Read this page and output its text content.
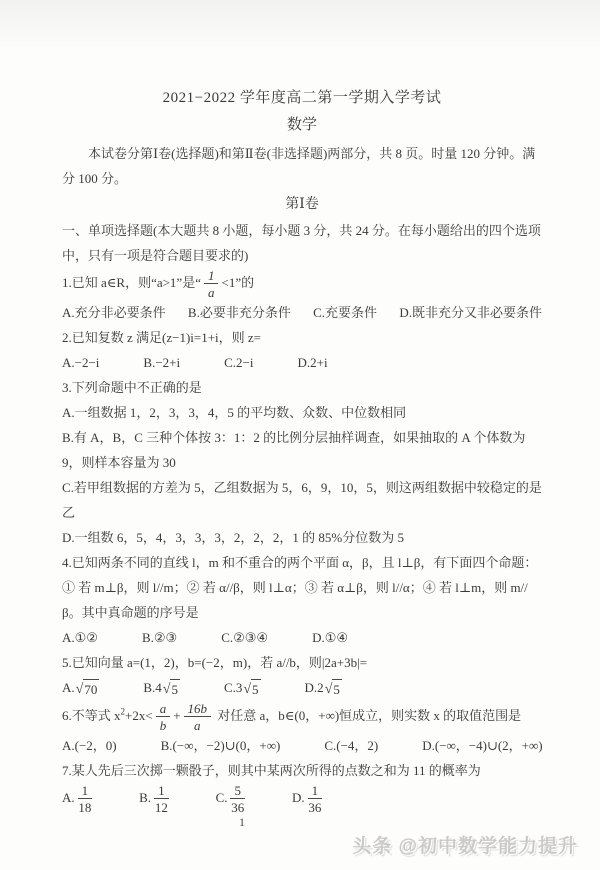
2021−2022 学年度高二第一学期入学考试
数学

本试卷分第Ⅰ卷(选择题)和第Ⅱ卷(非选择题)两部分，共 8 页。时量 120 分钟。满分 100 分。

第Ⅰ卷

一、单项选择题(本大题共 8 小题，每小题 3 分，共 24 分。在每小题给出的四个选项中，只有一项是符合题目要求的)

1.已知 a∈R，则“a>1”是“ $\frac{1}{a} <1$”的
A.充分非必要条件 B.必要非充分条件 C.充要条件 D.既非充分又非必要条件
2.已知复数 z 满足(z−1)i=1+i，则 z=
A.−2−i	B.−2+i	C.2−i	D.2+i
3.下列命题中不正确的是
A.一组数据 1，2，3，3，4，5 的平均数、众数、中位数相同
B.有 A，B，C 三种个体按 3：1：2 的比例分层抽样调查，如果抽取的 A 个体数为 9，则样本容量为 30
C.若甲组数据的方差为 5，乙组数据为 5，6，9，10，5，则这两组数据中较稳定的是乙
D.一组数 6，5，4，3，3，3，2，2，2，1 的 85%分位数为 5
4.已知两条不同的直线 l，m 和不重合的两个平面 α，β，且 l⊥β，有下面四个命题：① 若 m⊥β，则 l//m；② 若 α//β，则 l⊥α；③ 若 α⊥β，则 l//α；④ 若 l⊥m，则 m//β。其中真命题的序号是
A.①②	B.②③	C.②③④	D.①④
5.已知向量 a=(1，2)，b=(−2，m)，若 a//b，则|2a+3b|=
A. √ 70	B.4 √ 5	C.3 √ 5	D.2 √ 5
6.不等式 $x^2+2x< \frac{a}{b} + \frac{16b}{a}$ 对任意 a，b∈(0，+∞)恒成立，则实数 x 的取值范围是
A.(−2，0)	B.(−∞，−2)∪(0，+∞)	C.(−4，2)	D.(−∞，−4)∪(2，+∞)
7.某人先后三次掷一颗骰子，则其中某两次所得的点数之和为 11 的概率为
A. $\frac{1}{18}$	B. $\frac{1}{12}$	C. $\frac{5}{36}$	D. $\frac{1}{36}$
1
头条 @初中数学能力提升
